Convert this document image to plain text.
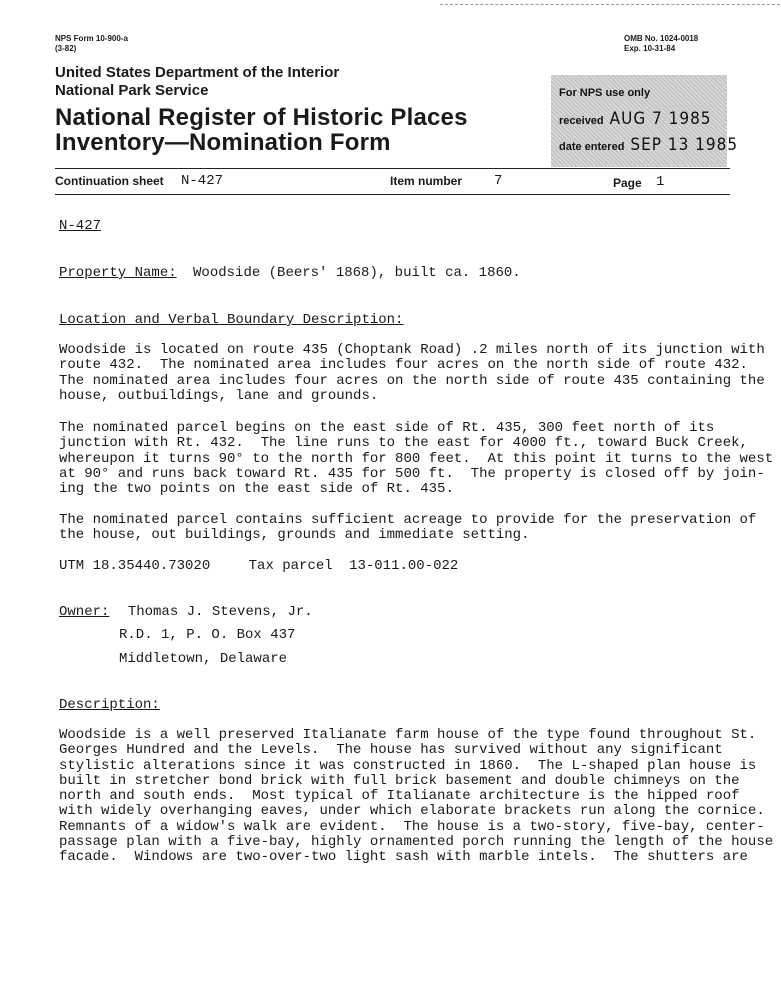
NPS Form 10-900-a
(3-82)
OMB No. 1024-0018
Exp. 10-31-84
United States Department of the Interior
National Park Service
National Register of Historic Places
Inventory—Nomination Form
For NPS use only
received AUG 7 1985
date entered SEP 13 1985
Continuation sheet N-427	Item number 7	Page 1
N-427
Property Name: Woodside (Beers' 1868), built ca. 1860.
Location and Verbal Boundary Description:
Woodside is located on route 435 (Choptank Road) .2 miles north of its junction with
route 432.  The nominated area includes four acres on the north side of route 432.
The nominated area includes four acres on the north side of route 435 containing the
house, outbuildings, lane and grounds.
The nominated parcel begins on the east side of Rt. 435, 300 feet north of its
junction with Rt. 432.  The line runs to the east for 4000 ft., toward Buck Creek,
whereupon it turns 90° to the north for 800 feet.  At this point it turns to the west
at 90° and runs back toward Rt. 435 for 500 ft.  The property is closed off by join-
ing the two points on the east side of Rt. 435.
The nominated parcel contains sufficient acreage to provide for the preservation of
the house, out buildings, grounds and immediate setting.
UTM 18.35440.73020	Tax parcel 13-011.00-022
Owner: Thomas J. Stevens, Jr.
R.D. 1, P. O. Box 437
Middletown, Delaware
Description:
Woodside is a well preserved Italianate farm house of the type found throughout St.
Georges Hundred and the Levels.  The house has survived without any significant
stylistic alterations since it was constructed in 1860.  The L-shaped plan house is
built in stretcher bond brick with full brick basement and double chimneys on the
north and south ends.  Most typical of Italianate architecture is the hipped roof
with widely overhanging eaves, under which elaborate brackets run along the cornice.
Remnants of a widow's walk are evident.  The house is a two-story, five-bay, center-
passage plan with a five-bay, highly ornamented porch running the length of the house
facade.  Windows are two-over-two light sash with marble intels.  The shutters are
